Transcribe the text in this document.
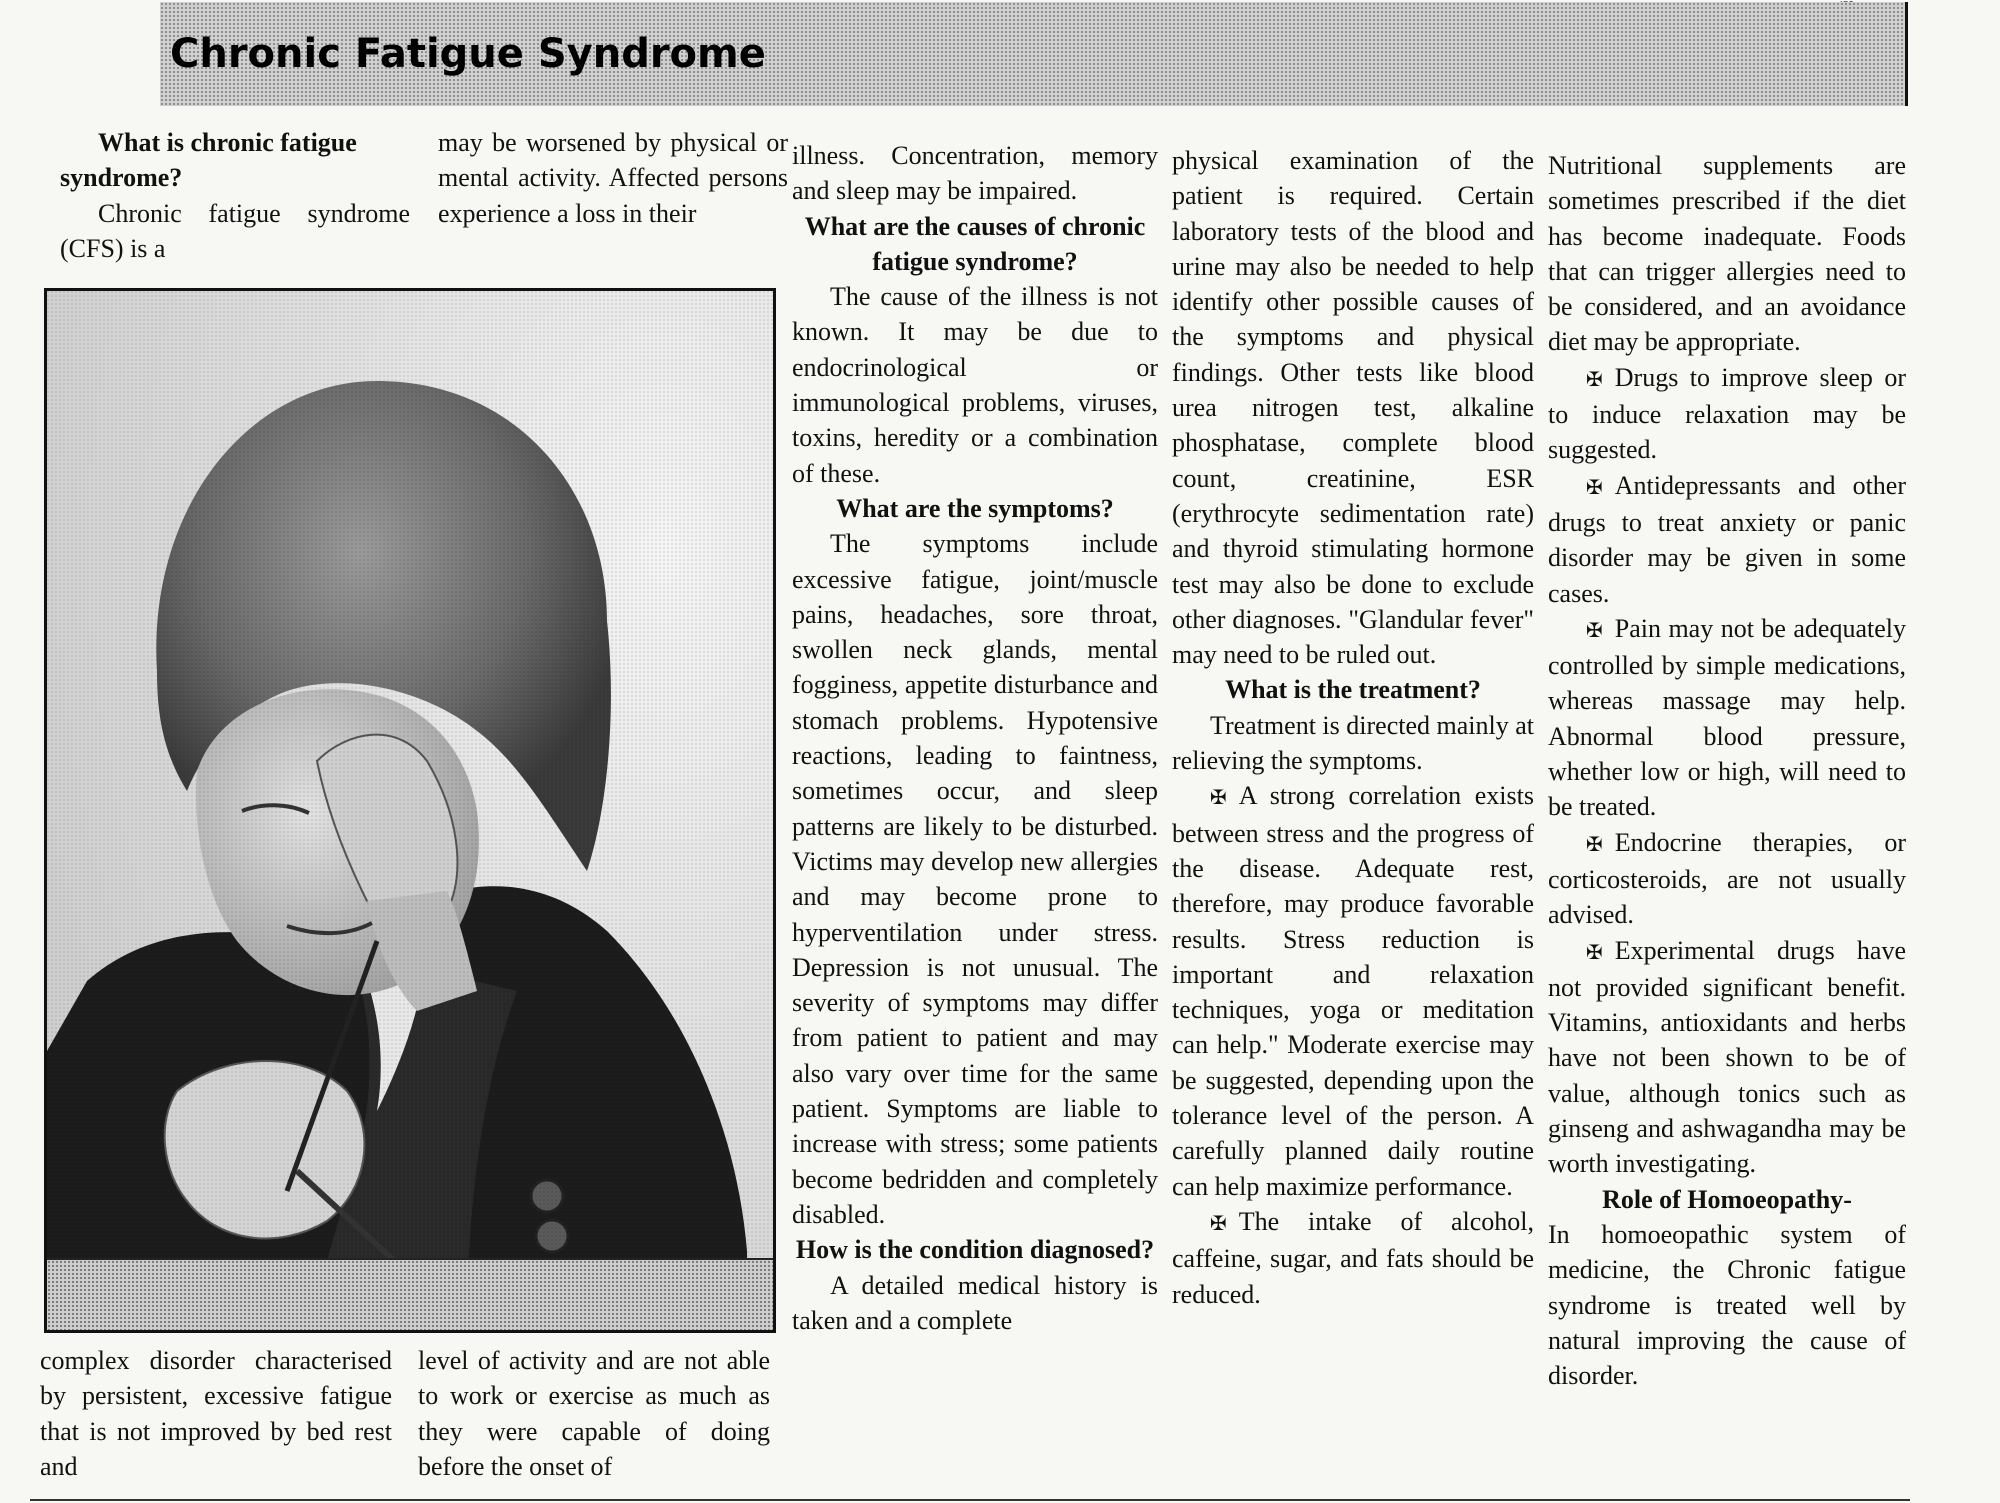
Chronic Fatigue Syndrome

What is chronic fatigue syndrome?

Chronic fatigue syndrome (CFS) is a

may be worsened by physical or mental activity. Affected persons experience a loss in their

complex disorder characterised by persistent, excessive fatigue that is not improved by bed rest and

level of activity and are not able to work or exercise as much as they were capable of doing before the onset of

illness. Concentration, memory and sleep may be impaired.

What are the causes of chronic fatigue syndrome?

The cause of the illness is not known. It may be due to endocrinological or immunological problems, viruses, toxins, heredity or a combination of these.

What are the symptoms?

The symptoms include excessive fatigue, joint/muscle pains, headaches, sore throat, swollen neck glands, mental fogginess, appetite disturbance and stomach problems. Hypotensive reactions, leading to faintness, sometimes occur, and sleep patterns are likely to be disturbed. Victims may develop new allergies and may become prone to hyperventilation under stress. Depression is not unusual. The severity of symptoms may differ from patient to patient and may also vary over time for the same patient. Symptoms are liable to increase with stress; some patients become bedridden and completely disabled.

How is the condition diagnosed?

A detailed medical history is taken and a complete

physical examination of the patient is required. Certain laboratory tests of the blood and urine may also be needed to help identify other possible causes of the symptoms and physical findings. Other tests like blood urea nitrogen test, alkaline phosphatase, complete blood count, creatinine, ESR (erythrocyte sedimentation rate) and thyroid stimulating hormone test may also be done to exclude other diagnoses. "Glandular fever" may need to be ruled out.

What is the treatment?

Treatment is directed mainly at relieving the symptoms.

✠ A strong correlation exists between stress and the progress of the disease. Adequate rest, therefore, may produce favorable results. Stress reduction is important and relaxation techniques, yoga or meditation can help." Moderate exercise may be suggested, depending upon the tolerance level of the person. A carefully planned daily routine can help maximize performance.

✠ The intake of alcohol, caffeine, sugar, and fats should be reduced.

Nutritional supplements are sometimes prescribed if the diet has become inadequate. Foods that can trigger allergies need to be considered, and an avoidance diet may be appropriate.

✠ Drugs to improve sleep or to induce relaxation may be suggested.

✠ Antidepressants and other drugs to treat anxiety or panic disorder may be given in some cases.

✠ Pain may not be adequately controlled by simple medications, whereas massage may help. Abnormal blood pressure, whether low or high, will need to be treated.

✠ Endocrine therapies, or corticosteroids, are not usually advised.

✠ Experimental drugs have not provided significant benefit. Vitamins, antioxidants and herbs have not been shown to be of value, although tonics such as ginseng and ashwagandha may be worth investigating.

Role of Homoeopathy-

In homoeopathic system of medicine, the Chronic fatigue syndrome is treated well by natural improving the cause of disorder.
